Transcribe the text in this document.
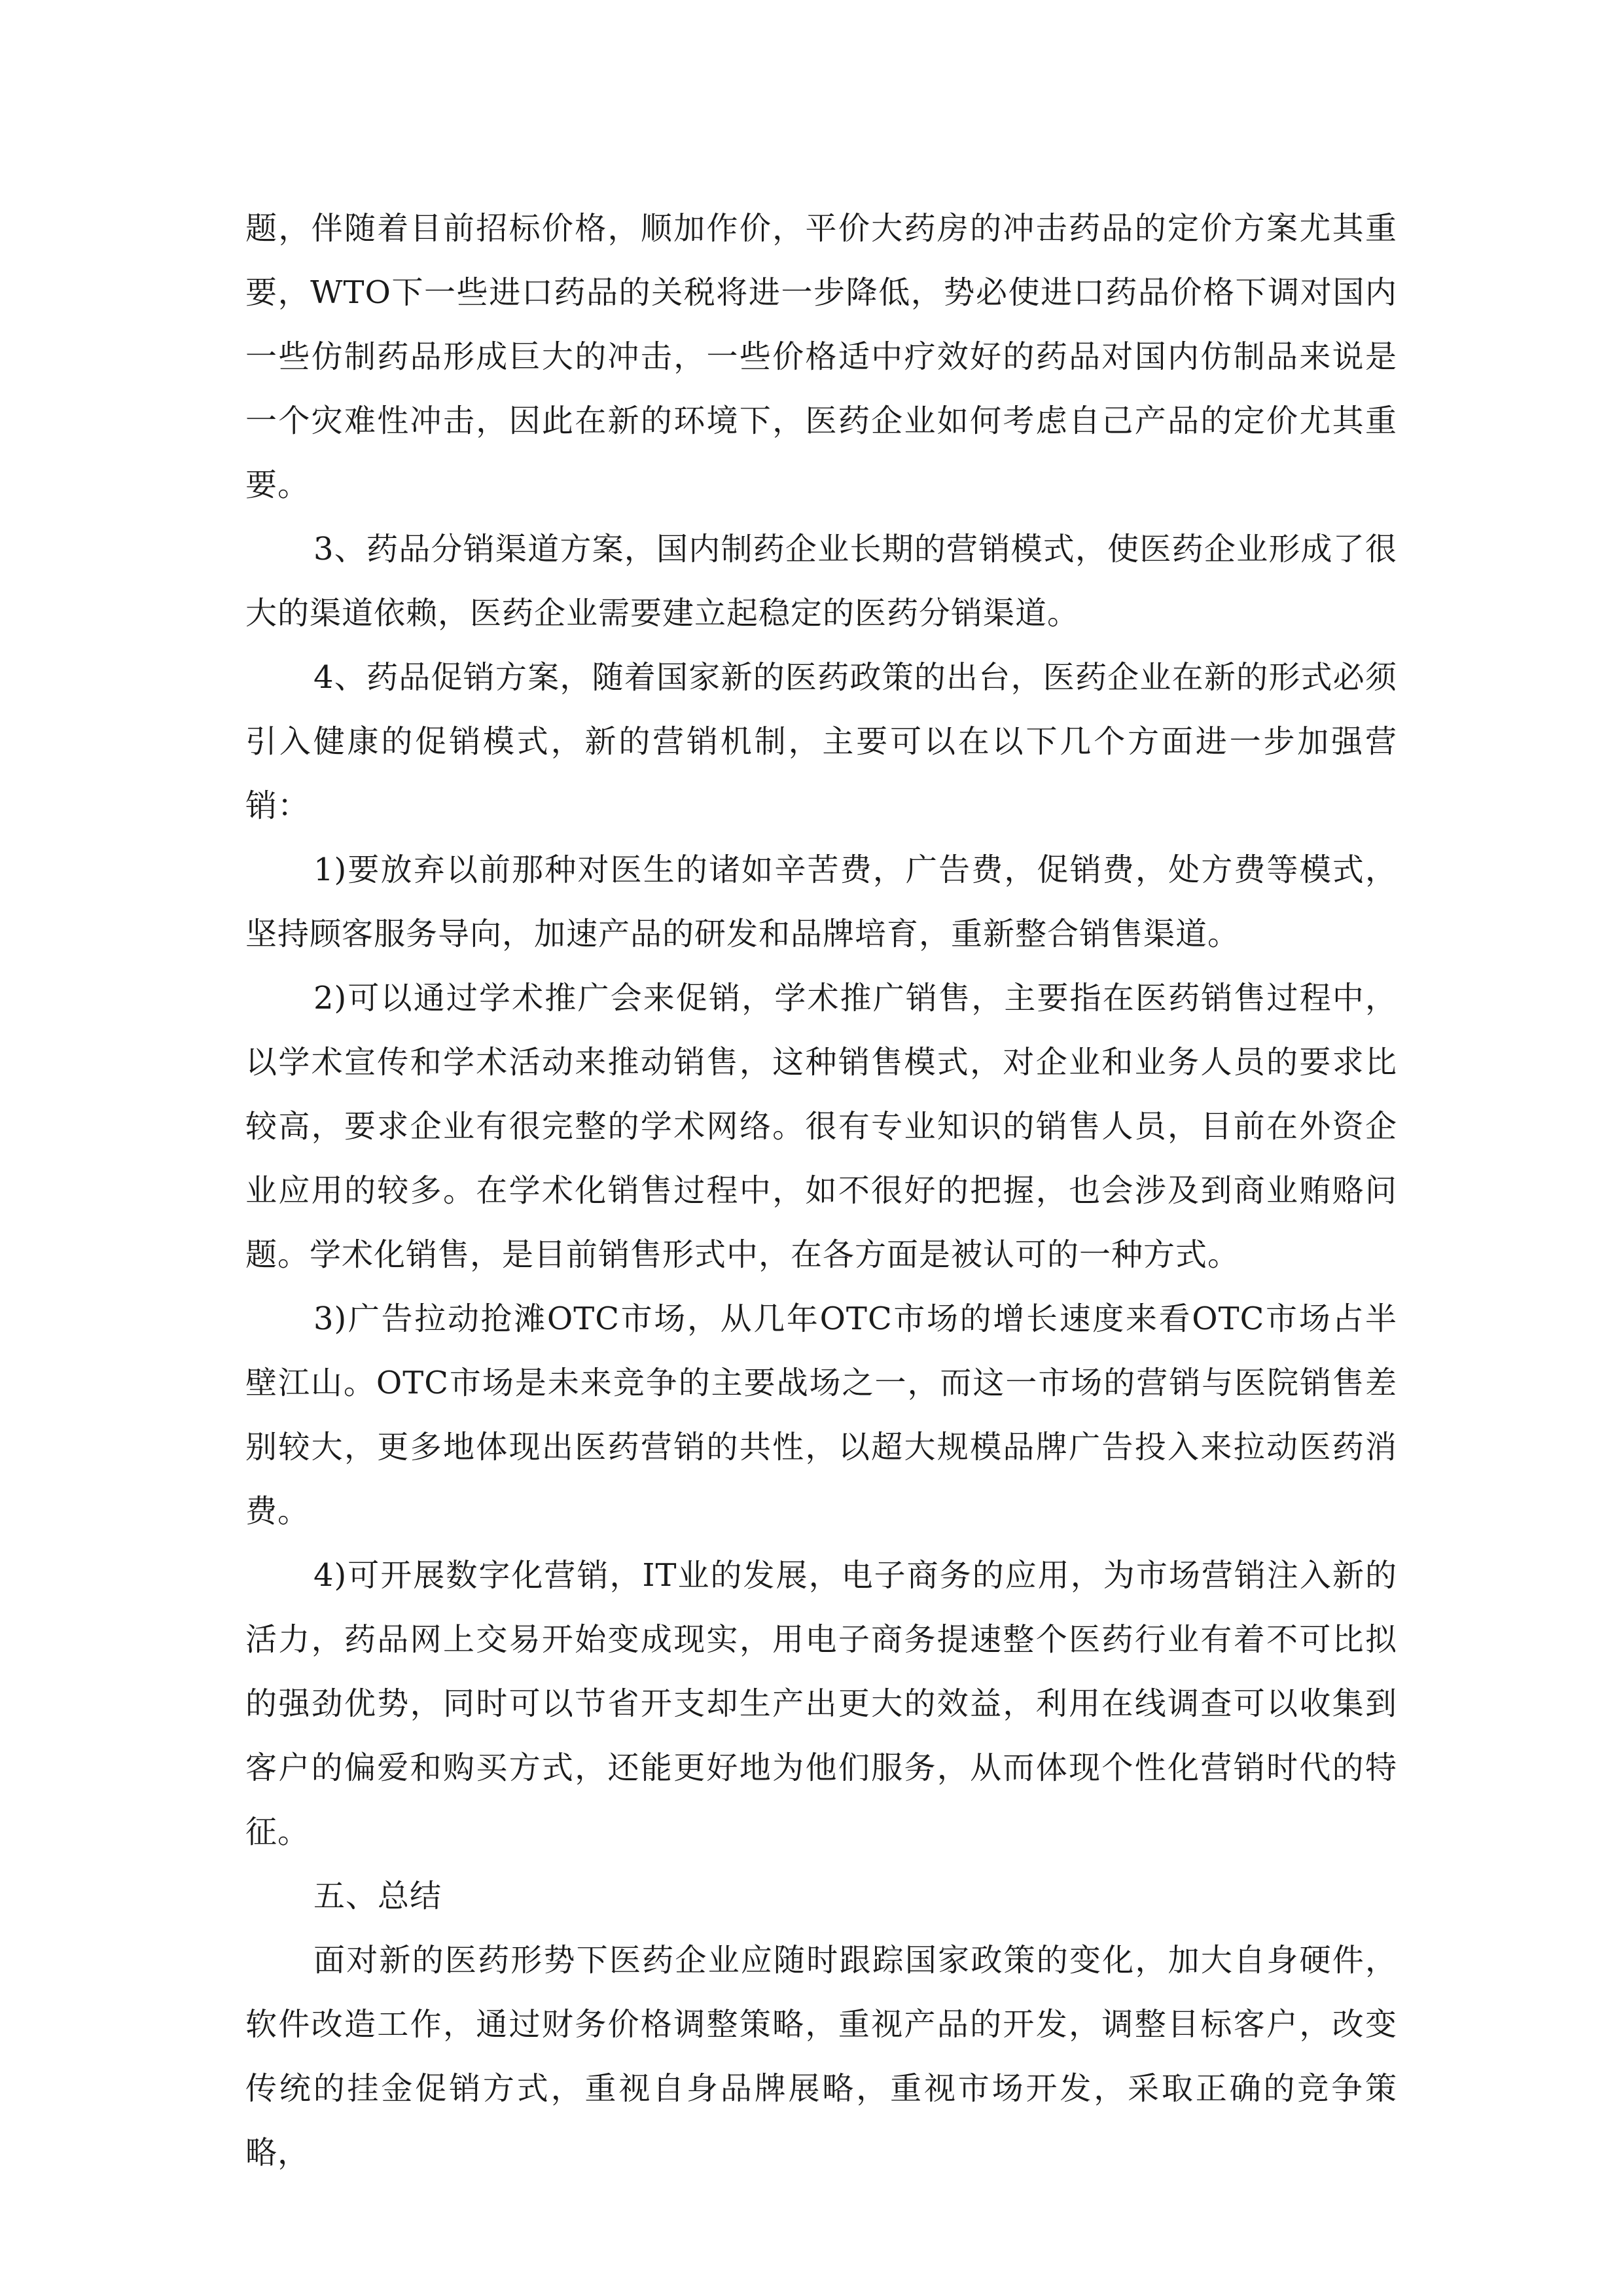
题，伴随着目前招标价格，顺加作价，平价大药房的冲击药品的定价方案尤其重要，WTO下一些进口药品的关税将进一步降低，势必使进口药品价格下调对国内一些仿制药品形成巨大的冲击，一些价格适中疗效好的药品对国内仿制品来说是一个灾难性冲击，因此在新的环境下，医药企业如何考虑自己产品的定价尤其重要。

3、药品分销渠道方案，国内制药企业长期的营销模式，使医药企业形成了很大的渠道依赖，医药企业需要建立起稳定的医药分销渠道。

4、药品促销方案，随着国家新的医药政策的出台，医药企业在新的形式必须引入健康的促销模式，新的营销机制，主要可以在以下几个方面进一步加强营销：

1)要放弃以前那种对医生的诸如辛苦费，广告费，促销费，处方费等模式，坚持顾客服务导向，加速产品的研发和品牌培育，重新整合销售渠道。

2)可以通过学术推广会来促销，学术推广销售，主要指在医药销售过程中，以学术宣传和学术活动来推动销售，这种销售模式，对企业和业务人员的要求比较高，要求企业有很完整的学术网络。很有专业知识的销售人员，目前在外资企业应用的较多。在学术化销售过程中，如不很好的把握，也会涉及到商业贿赂问题。学术化销售，是目前销售形式中，在各方面是被认可的一种方式。

3)广告拉动抢滩OTC市场，从几年OTC市场的增长速度来看OTC市场占半壁江山。OTC市场是未来竞争的主要战场之一，而这一市场的营销与医院销售差别较大，更多地体现出医药营销的共性，以超大规模品牌广告投入来拉动医药消费。

4)可开展数字化营销，IT业的发展，电子商务的应用，为市场营销注入新的活力，药品网上交易开始变成现实，用电子商务提速整个医药行业有着不可比拟的强劲优势，同时可以节省开支却生产出更大的效益，利用在线调查可以收集到客户的偏爱和购买方式，还能更好地为他们服务，从而体现个性化营销时代的特征。

五、总结

面对新的医药形势下医药企业应随时跟踪国家政策的变化，加大自身硬件，软件改造工作，通过财务价格调整策略，重视产品的开发，调整目标客户，改变传统的挂金促销方式，重视自身品牌展略，重视市场开发，采取正确的竞争策略，
